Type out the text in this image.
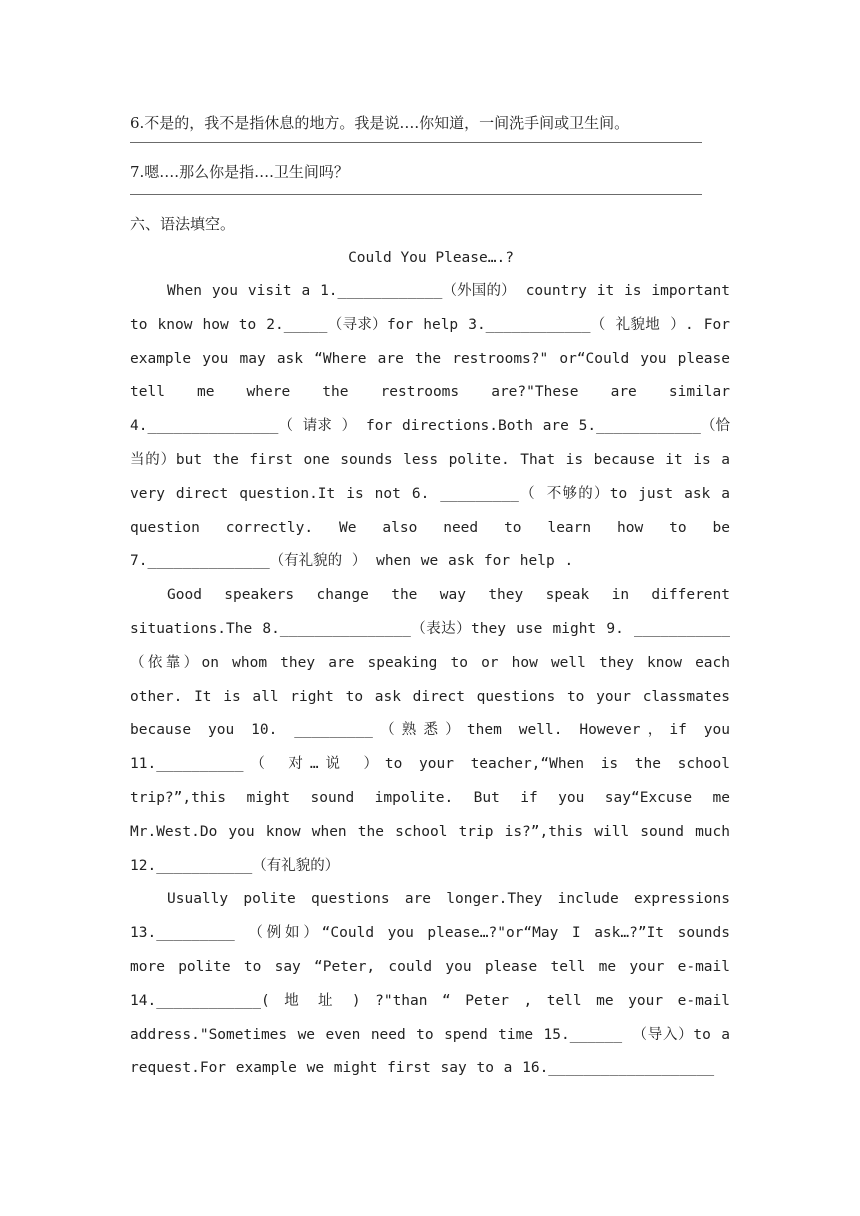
6.不是的，我不是指休息的地方。我是说….你知道，一间洗手间或卫生间。

7.嗯….那么你是指….卫生间吗？

六、语法填空。

Could You Please….?

When you visit a 1.____________（外国的） country it is important to know how to 2._____（寻求）for help 3.____________（ 礼貌地 ）. For example you may ask “Where are the restrooms?" or“Could you please tell me where the restrooms are?"These are similar 4._______________（ 请求 ） for directions.Both are 5.____________（恰当的）but the first one sounds less polite. That is because it is a very direct question.It is not 6. _________（ 不够的）to just ask a question correctly. We also need to learn how to be 7.______________（有礼貌的 ） when we ask for help .

Good speakers change the way they speak in different situations.The 8._______________（表达）they use might 9. ___________（依靠）on whom they are speaking to or how well they know each other. It is all right to ask direct questions to your classmates because you 10. _________（熟悉）them well. However，if you 11.__________（ 对…说 ）to your teacher,“When is the school trip?”,this might sound impolite. But if you say“Excuse me Mr.West.Do you know when the school trip is?”,this will sound much 12.___________（有礼貌的）

Usually polite questions are longer.They include expressions 13._________ （例如）“Could you please…?"or“May I ask…?”It sounds more polite to say “Peter, could you please tell me your e-mail 14.____________( 地 址 ) ?"than “ Peter , tell me your e-mail address."Sometimes we even need to spend time 15.______ （导入）to a request.For example we might first say to a 16.___________________
